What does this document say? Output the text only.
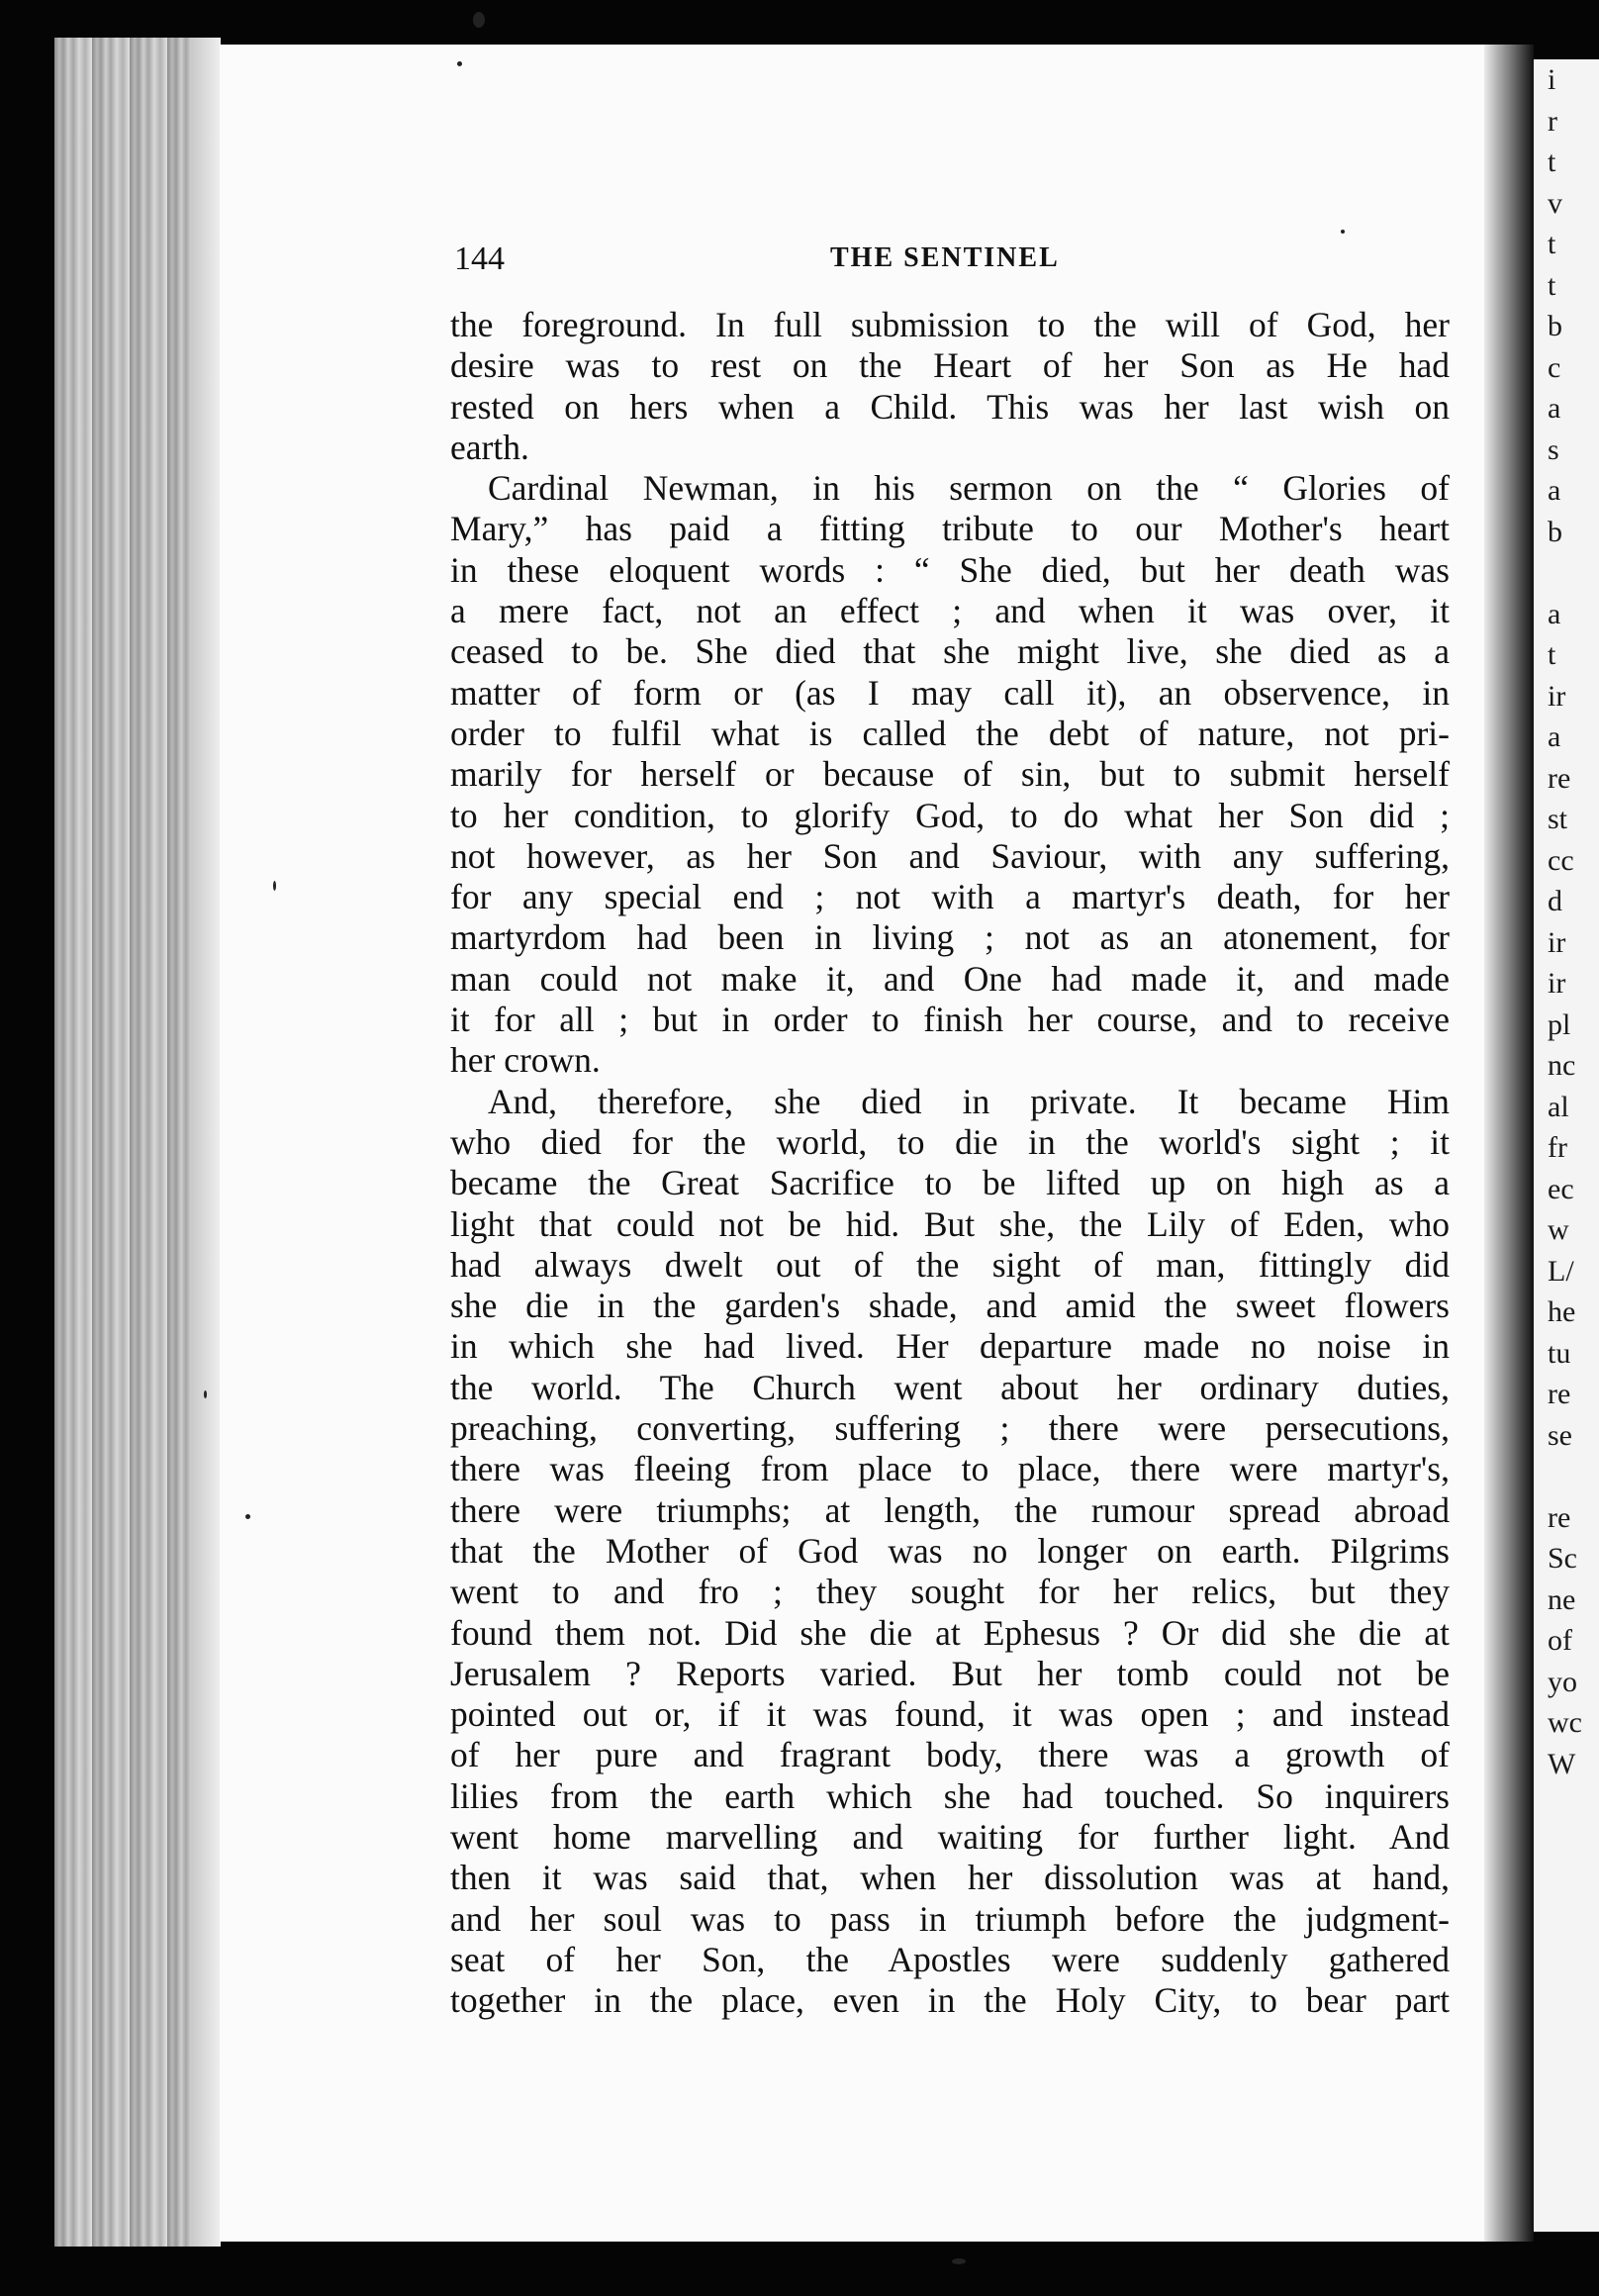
i
r
t
v
t
t
b
c
a
s
a
b

a
t
ir
a
re
st
cc
d
ir
ir
pl
nc
al
fr
ec
w
L/
he
tu
re
se

re
Sc
ne
of
yo
wc
W
144	THE SENTINEL
the foreground. In full submission to the will of God, her
desire was to rest on the Heart of her Son as He had
rested on hers when a Child. This was her last wish on
earth.
Cardinal Newman, in his sermon on the “ Glories of
Mary,” has paid a fitting tribute to our Mother's heart
in these eloquent words : “ She died, but her death was
a mere fact, not an effect ; and when it was over, it
ceased to be. She died that she might live, she died as a
matter of form or (as I may call it), an observence, in
order to fulfil what is called the debt of nature, not pri-
marily for herself or because of sin, but to submit herself
to her condition, to glorify God, to do what her Son did ;
not however, as her Son and Saviour, with any suffering,
for any special end ; not with a martyr's death, for her
martyrdom had been in living ; not as an atonement, for
man could not make it, and One had made it, and made
it for all ; but in order to finish her course, and to receive
her crown.
And, therefore, she died in private. It became Him
who died for the world, to die in the world's sight ; it
became the Great Sacrifice to be lifted up on high as a
light that could not be hid. But she, the Lily of Eden, who
had always dwelt out of the sight of man, fittingly did
she die in the garden's shade, and amid the sweet flowers
in which she had lived. Her departure made no noise in
the world. The Church went about her ordinary duties,
preaching, converting, suffering ; there were persecutions,
there was fleeing from place to place, there were martyr's,
there were triumphs; at length, the rumour spread abroad
that the Mother of God was no longer on earth. Pilgrims
went to and fro ; they sought for her relics, but they
found them not. Did she die at Ephesus ? Or did she die at
Jerusalem ? Reports varied. But her tomb could not be
pointed out or, if it was found, it was open ; and instead
of her pure and fragrant body, there was a growth of
lilies from the earth which she had touched. So inquirers
went home marvelling and waiting for further light. And
then it was said that, when her dissolution was at hand,
and her soul was to pass in triumph before the judgment-
seat of her Son, the Apostles were suddenly gathered
together in the place, even in the Holy City, to bear part
